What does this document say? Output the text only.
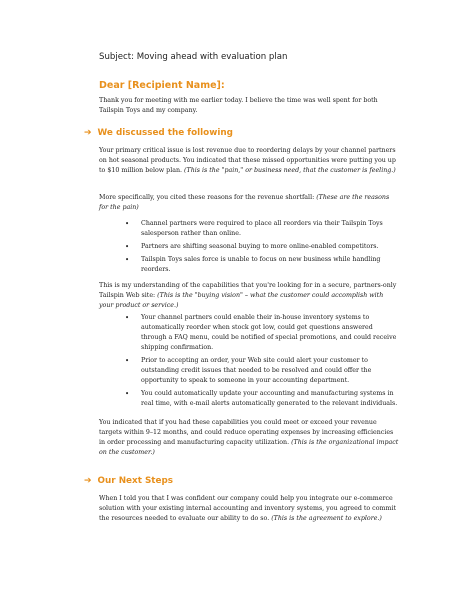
Subject: Moving ahead with evaluation plan
Dear [Recipient Name]:

Thank you for meeting with me earlier today. I believe the time was well spent for both Tailspin Toys and my company.

➔ We discussed the following

Your primary critical issue is lost revenue due to reordering delays by your channel partners on hot seasonal products. You indicated that these missed opportunities were putting you up to $10 million below plan. (This is the "pain," or business need, that the customer is feeling.)

More specifically, you cited these reasons for the revenue shortfall: (These are the reasons for the pain)

• Channel partners were required to place all reorders via their Tailspin Toys salesperson rather than online.
• Partners are shifting seasonal buying to more online-enabled competitors.
• Tailspin Toys sales force is unable to focus on new business while handling reorders.

This is my understanding of the capabilities that you're looking for in a secure, partners-only Tailspin Web site: (This is the "buying vision" – what the customer could accomplish with your product or service.)

• Your channel partners could enable their in-house inventory systems to automatically reorder when stock got low, could get questions answered through a FAQ menu, could be notified of special promotions, and could receive shipping confirmation.
• Prior to accepting an order, your Web site could alert your customer to outstanding credit issues that needed to be resolved and could offer the opportunity to speak to someone in your accounting department.
• You could automatically update your accounting and manufacturing systems in real time, with e-mail alerts automatically generated to the relevant individuals.

You indicated that if you had these capabilities you could meet or exceed your revenue targets within 9–12 months, and could reduce operating expenses by increasing efficiencies in order processing and manufacturing capacity utilization. (This is the organizational impact on the customer.)

➔ Our Next Steps

When I told you that I was confident our company could help you integrate our e-commerce solution with your existing internal accounting and inventory systems, you agreed to commit the resources needed to evaluate our ability to do so. (This is the agreement to explore.)
